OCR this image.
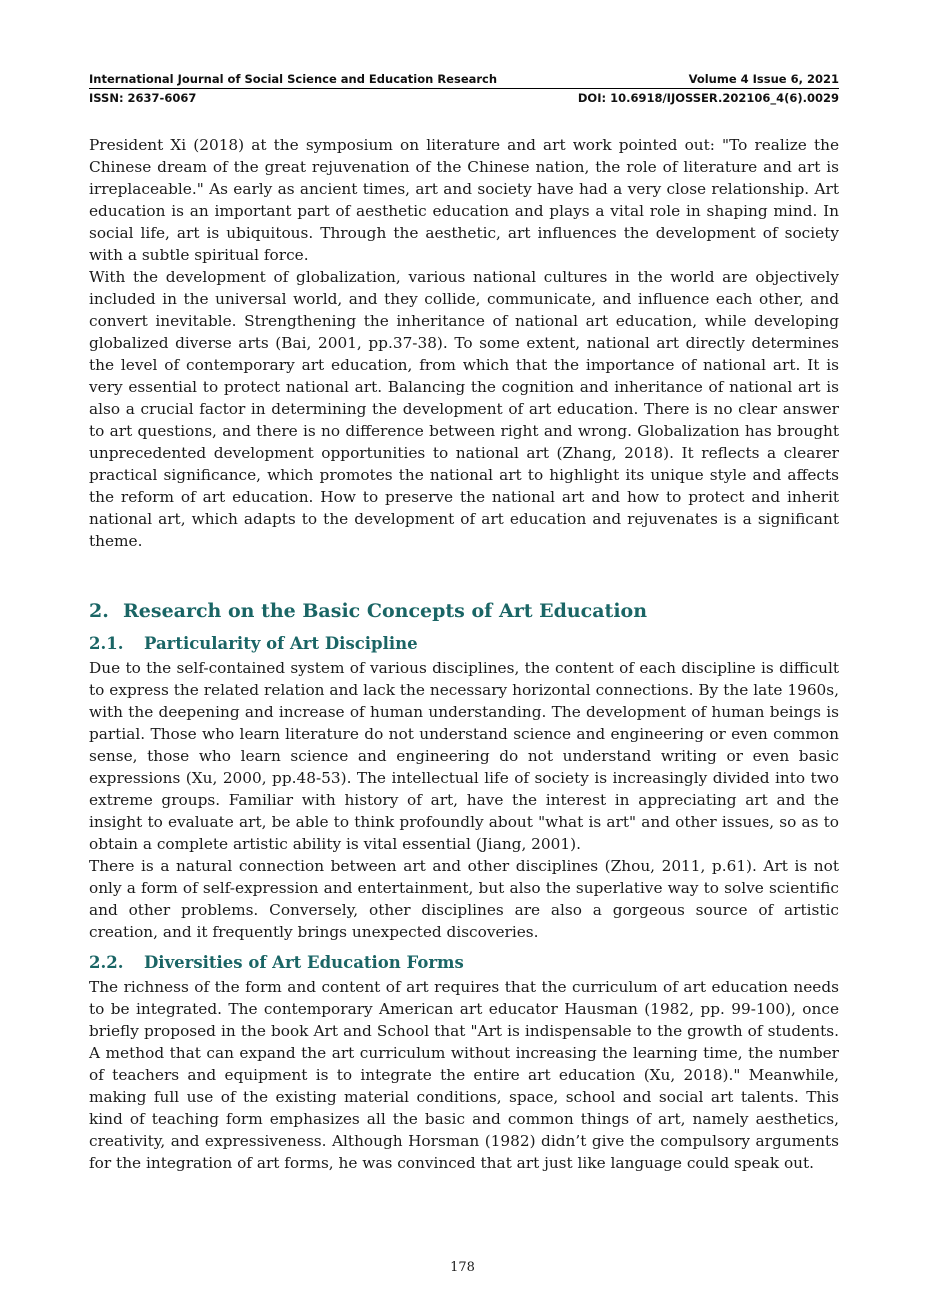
International Journal of Social Science and Education Research	Volume 4 Issue 6, 2021
ISSN: 2637-6067	DOI: 10.6918/IJOSSER.202106_4(6).0029

President Xi (2018) at the symposium on literature and art work pointed out: "To realize the Chinese dream of the great rejuvenation of the Chinese nation, the role of literature and art is irreplaceable." As early as ancient times, art and society have had a very close relationship. Art education is an important part of aesthetic education and plays a vital role in shaping mind. In social life, art is ubiquitous. Through the aesthetic, art influences the development of society with a subtle spiritual force.

With the development of globalization, various national cultures in the world are objectively included in the universal world, and they collide, communicate, and influence each other, and convert inevitable. Strengthening the inheritance of national art education, while developing globalized diverse arts (Bai, 2001, pp.37-38). To some extent, national art directly determines the level of contemporary art education, from which that the importance of national art. It is very essential to protect national art. Balancing the cognition and inheritance of national art is also a crucial factor in determining the development of art education. There is no clear answer to art questions, and there is no difference between right and wrong. Globalization has brought unprecedented development opportunities to national art (Zhang, 2018). It reflects a clearer practical significance, which promotes the national art to highlight its unique style and affects the reform of art education. How to preserve the national art and how to protect and inherit national art, which adapts to the development of art education and rejuvenates is a significant theme.

2. Research on the Basic Concepts of Art Education
2.1. Particularity of Art Discipline

Due to the self-contained system of various disciplines, the content of each discipline is difficult to express the related relation and lack the necessary horizontal connections. By the late 1960s, with the deepening and increase of human understanding. The development of human beings is partial. Those who learn literature do not understand science and engineering or even common sense, those who learn science and engineering do not understand writing or even basic expressions (Xu, 2000, pp.48-53). The intellectual life of society is increasingly divided into two extreme groups. Familiar with history of art, have the interest in appreciating art and the insight to evaluate art, be able to think profoundly about "what is art" and other issues, so as to obtain a complete artistic ability is vital essential (Jiang, 2001).

There is a natural connection between art and other disciplines (Zhou, 2011, p.61). Art is not only a form of self-expression and entertainment, but also the superlative way to solve scientific and other problems. Conversely, other disciplines are also a gorgeous source of artistic creation, and it frequently brings unexpected discoveries.

2.2. Diversities of Art Education Forms

The richness of the form and content of art requires that the curriculum of art education needs to be integrated. The contemporary American art educator Hausman (1982, pp. 99-100), once briefly proposed in the book Art and School that "Art is indispensable to the growth of students. A method that can expand the art curriculum without increasing the learning time, the number of teachers and equipment is to integrate the entire art education (Xu, 2018)." Meanwhile, making full use of the existing material conditions, space, school and social art talents. This kind of teaching form emphasizes all the basic and common things of art, namely aesthetics, creativity, and expressiveness. Although Horsman (1982) didn’t give the compulsory arguments for the integration of art forms, he was convinced that art just like language could speak out.

178
